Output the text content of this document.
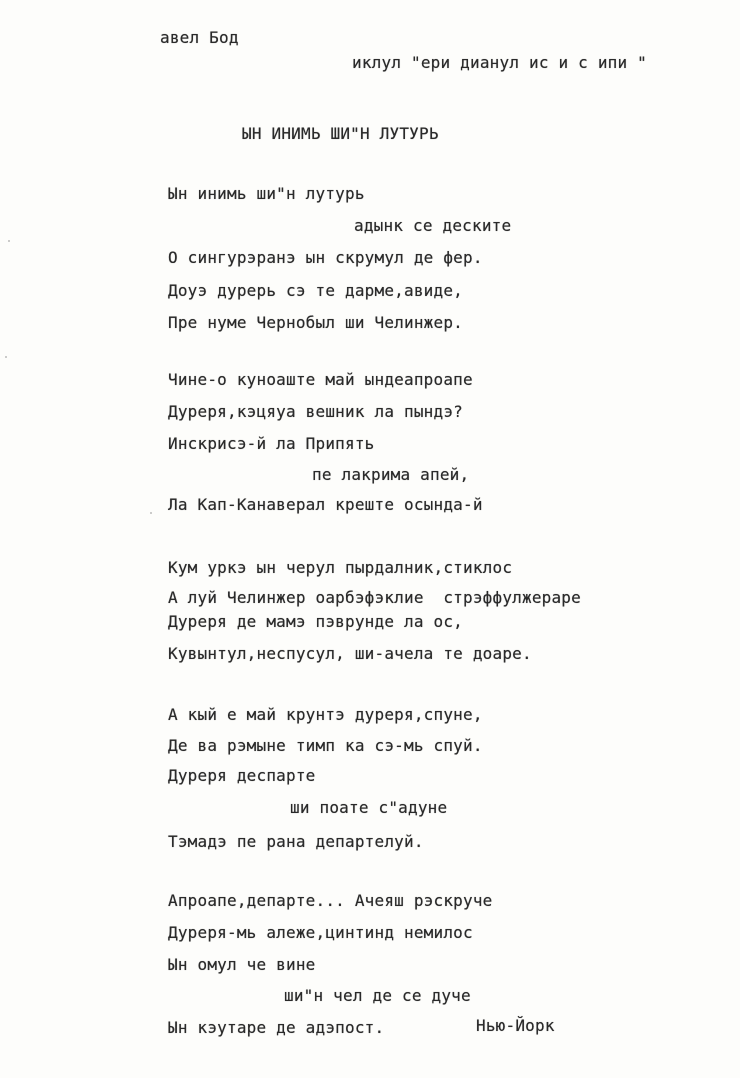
авел Бод
иклул "ери дианул ис и с ипи "
ЫН ИНИМЬ ШИ"Н ЛУТУРЬ
Ын инимь ши"н лутурь
адынк се деските
О сингурэранэ ын скрумул де фер.
Доуэ дурерь сэ те дарме,авиде,
Пре нуме Чернобыл ши Челинжер.
Чине-о куноаште май ындеапроапе
Дуреря,кэцяуа вешник ла пындэ?
Инскрисэ-й ла Припять
пе лакрима апей,
Ла Кап-Канаверал креште осында-й
Кум уркэ ын черул пырдалник,стиклос
А луй Челинжер оарбэфэклие  стрэффулжераре
Дуреря де мамэ пэврунде ла ос,
Кувынтул,неспусул, ши-ачела те доаре.
А кый е май крунтэ дуреря,спуне,
Де ва рэмыне тимп ка сэ-мь спуй.
Дуреря деспарте
ши поате с"адуне
Тэмадэ пе рана департелуй.
Апроапе,департе... Ачеяш рэскруче
Дуреря-мь алеже,цинтинд немилос
Ын омул че вине
ши"н чел де се дуче
Ын кэутаре де адэпост.	Нью-Йорк
